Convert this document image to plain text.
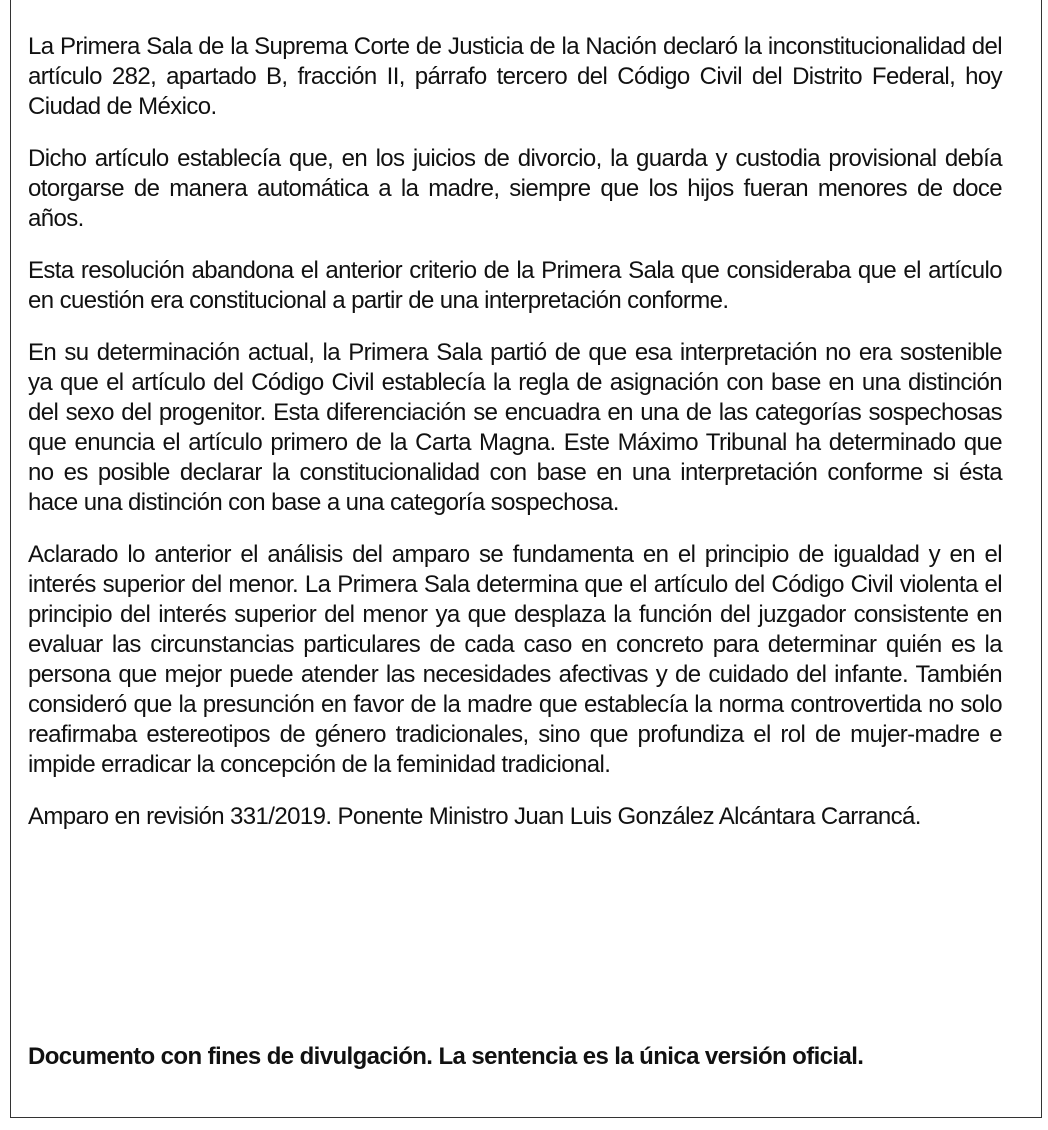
La Primera Sala de la Suprema Corte de Justicia de la Nación declaró la inconstitucionalidad del artículo 282, apartado B, fracción II, párrafo tercero del Código Civil del Distrito Federal, hoy Ciudad de México.

Dicho artículo establecía que, en los juicios de divorcio, la guarda y custodia provisional debía otorgarse de manera automática a la madre, siempre que los hijos fueran menores de doce años.

Esta resolución abandona el anterior criterio de la Primera Sala que consideraba que el artículo en cuestión era constitucional a partir de una interpretación conforme.

En su determinación actual, la Primera Sala partió de que esa interpretación no era sostenible ya que el artículo del Código Civil establecía la regla de asignación con base en una distinción del sexo del progenitor. Esta diferenciación se encuadra en una de las categorías sospechosas que enuncia el artículo primero de la Carta Magna. Este Máximo Tribunal ha determinado que no es posible declarar la constitucionalidad con base en una interpretación conforme si ésta hace una distinción con base a una categoría sospechosa.

Aclarado lo anterior el análisis del amparo se fundamenta en el principio de igualdad y en el interés superior del menor. La Primera Sala determina que el artículo del Código Civil violenta el principio del interés superior del menor ya que desplaza la función del juzgador consistente en evaluar las circunstancias particulares de cada caso en concreto para determinar quién es la persona que mejor puede atender las necesidades afectivas y de cuidado del infante. También consideró que la presunción en favor de la madre que establecía la norma controvertida no solo reafirmaba estereotipos de género tradicionales, sino que profundiza el rol de mujer-madre e impide erradicar la concepción de la feminidad tradicional.

Amparo en revisión 331/2019. Ponente Ministro Juan Luis González Alcántara Carrancá.

Documento con fines de divulgación. La sentencia es la única versión oficial.
